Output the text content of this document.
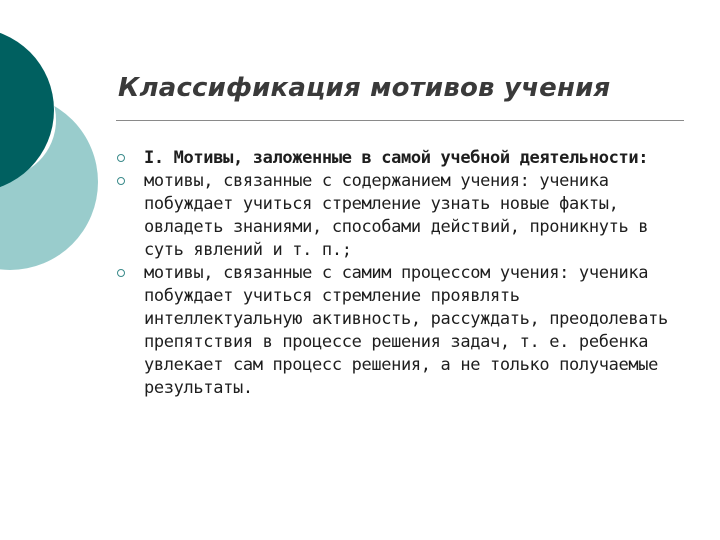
Классификация мотивов учения
I. Мотивы, заложенные в самой учебной деятельности:
мотивы, связанные с содержанием учения: ученика побуждает учиться стремление узнать новые факты, овладеть знаниями, способами действий, проникнуть в суть явлений и т. п.;
мотивы, связанные с самим процессом учения: ученика побуждает учиться стремление проявлять интеллектуальную активность, рассуждать, преодолевать препятствия в процессе решения задач, т. е. ребенка увлекает сам процесс решения, а не только получаемые результаты.
